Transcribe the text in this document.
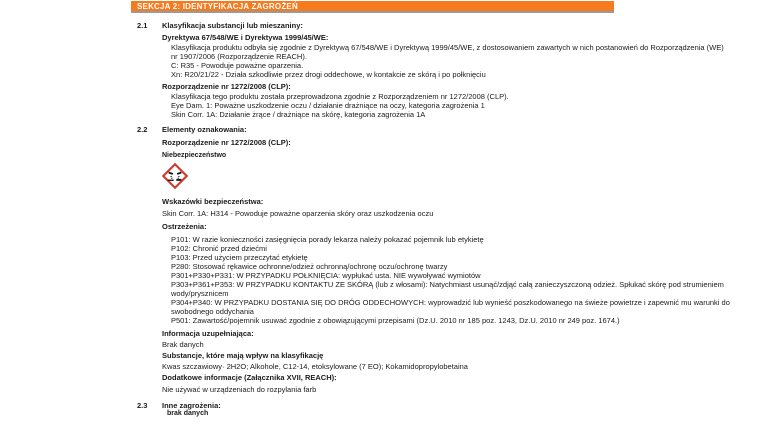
SEKCJA 2: IDENTYFIKACJA ZAGROŻEŃ
2.1	Klasyfikacja substancji lub mieszaniny:
Dyrektywa 67/548/WE i Dyrektywa 1999/45/WE:
Klasyfikacja produktu odbyła się zgodnie z Dyrektywą 67/548/WE i Dyrektywą 1999/45/WE, z dostosowaniem zawartych w nich postanowień do Rozporządzenia (WE) nr 1907/2006 (Rozporządzenie REACH).
C: R35 - Powoduje poważne oparzenia.
Xn: R20/21/22 - Działa szkodliwie przez drogi oddechowe, w kontakcie ze skórą i po połknięciu
Rozporządzenie nr 1272/2008 (CLP):
Klasyfikacja tego produktu została przeprowadzona zgodnie z Rozporządzeniem nr 1272/2008 (CLP).
Eye Dam. 1: Poważne uszkodzenie oczu / działanie drażniące na oczy, kategoria zagrożenia 1
Skin Corr. 1A: Działanie żrące / drażniące na skórę, kategoria zagrożenia 1A
2.2	Elementy oznakowania:
Rozporządzenie nr 1272/2008 (CLP):
Niebezpieczeństwo
Wskazówki bezpieczeństwa:
Skin Corr. 1A: H314 - Powoduje poważne oparzenia skóry oraz uszkodzenia oczu
Ostrzeżenia:
P101: W razie konieczności zasięgnięcia porady lekarza należy pokazać pojemnik lub etykietę
P102: Chronić przed dziećmi
P103: Przed użyciem przeczytać etykietę
P280: Stosować rękawice ochronne/odzież ochronną/ochronę oczu/ochronę twarzy
P301+P330+P331: W PRZYPADKU POŁKNIĘCIA: wypłukać usta. NIE wywoływać wymiotów
P303+P361+P353: W PRZYPADKU KONTAKTU ZE SKÓRĄ (lub z włosami): Natychmiast usunąć/zdjąć całą zanieczyszczoną odzież. Spłukać skórę pod strumieniem wody/prysznicem
P304+P340: W PRZYPADKU DOSTANIA SIĘ DO DRÓG ODDECHOWYCH: wyprowadzić lub wynieść poszkodowanego na świeże powietrze i zapewnić mu warunki do swobodnego oddychania
P501: Zawartość/pojemnik usuwać zgodnie z obowiązującymi przepisami (Dz.U. 2010 nr 185 poz. 1243, Dz.U. 2010 nr 249 poz. 1674.)
Informacja uzupełniająca:
Brak danych
Substancje, które mają wpływ na klasyfikację
Kwas szczawiowy· 2H2O; Alkohole, C12-14, etoksylowane (7 EO); Kokamidopropylobetaina
Dodatkowe informacje (Załącznika XVII, REACH):
Nie używać w urządzeniach do rozpylania farb
2.3	Inne zagrożenia:
brak danych
